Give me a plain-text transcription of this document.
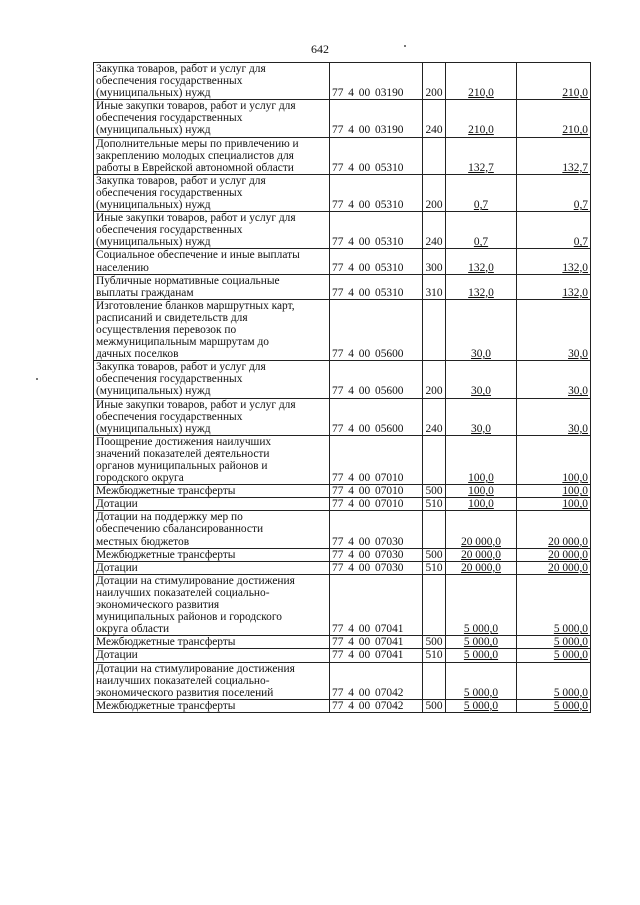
642
Закупка товаров, работ и услуг для
обеспечения государственных
(муниципальных) нужд	77 4 00 03190	200	210,0	210,0

Иные закупки товаров, работ и услуг для
обеспечения государственных
(муниципальных) нужд	77 4 00 03190	240	210,0	210,0

Дополнительные меры по привлечению и
закреплению молодых специалистов для
работы в Еврейской автономной области	77 4 00 05310		132,7	132,7

Закупка товаров, работ и услуг для
обеспечения государственных
(муниципальных) нужд	77 4 00 05310	200	0,7	0,7

Иные закупки товаров, работ и услуг для
обеспечения государственных
(муниципальных) нужд	77 4 00 05310	240	0,7	0,7

Социальное обеспечение и иные выплаты
населению	77 4 00 05310	300	132,0	132,0

Публичные нормативные социальные
выплаты гражданам	77 4 00 05310	310	132,0	132,0

Изготовление бланков маршрутных карт,
расписаний и свидетельств для
осуществления перевозок по
межмуниципальным маршрутам до
дачных поселков	77 4 00 05600		30,0	30,0

Закупка товаров, работ и услуг для
обеспечения государственных
(муниципальных) нужд	77 4 00 05600	200	30,0	30,0

Иные закупки товаров, работ и услуг для
обеспечения государственных
(муниципальных) нужд	77 4 00 05600	240	30,0	30,0

Поощрение достижения наилучших
значений показателей деятельности
органов муниципальных районов и
городского округа	77 4 00 07010		100,0	100,0

Межбюджетные трансферты	77 4 00 07010	500	100,0	100,0

Дотации	77 4 00 07010	510	100,0	100,0

Дотации на поддержку мер по
обеспечению сбалансированности
местных бюджетов	77 4 00 07030		20 000,0	20 000,0

Межбюджетные трансферты	77 4 00 07030	500	20 000,0	20 000,0

Дотации	77 4 00 07030	510	20 000,0	20 000,0

Дотации на стимулирование достижения
наилучших показателей социально-
экономического развития
муниципальных районов и городского
округа области	77 4 00 07041		5 000,0	5 000,0

Межбюджетные трансферты	77 4 00 07041	500	5 000,0	5 000,0

Дотации	77 4 00 07041	510	5 000,0	5 000,0

Дотации на стимулирование достижения
наилучших показателей социально-
экономического развития поселений	77 4 00 07042		5 000,0	5 000,0

Межбюджетные трансферты	77 4 00 07042	500	5 000,0	5 000,0
